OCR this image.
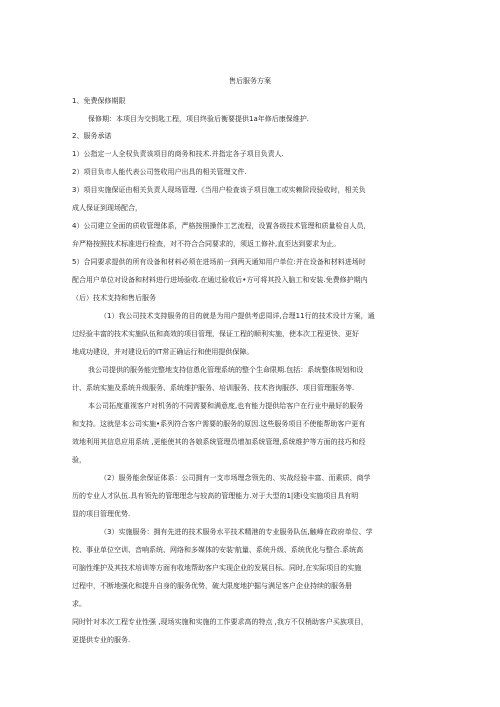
售后服务方案
1、免费保修期限
保修期：本项目为交钥匙工程，项目终验后衡要提供1a年修后康保维护.
2、服务承诺
1）公指定一人全权负责该项目的商务和技术.并指定各子项目负责人.
2）项目负市人能代表公司签收用户出具的相关管理文件.
3）项目实施保证由相关负责人现场管理.《当用户检查该子项目施工或实赖阶段验收时，相关负
成人保证到现场配合，
4）公司建立全面的质收管理体系，严格按照操作工艺流程，设置各级技术管理和质量检自人员，
弁严格按照技术标准进行检查，对不符合合同要求的，须返工修补,直至达到要求为止。
5）合同要求提供的所有设备和材料必须在进场前一到两天通知用户单位:并在设备和材料进场时
配合用户单位对设备和材料进行进场验收.在通过验收后•方可将其投入脑工和安装.免费修护期内
（后）技术支持和售后服务
（1）我公司技术支持服务的目的就是为用户提供考虑周详,合理11行的技术设计方案，通
过经验丰富的技术实施队伍和高效的项目管理，保证工程的顺利实施，使本次工程更快、更好
地成功建设，并对建设后的IT常正确运行和使用提供保障。
我公司提供的服务能完整地支持信恿化管理系统的整个生命限期.包括：系统整体规划和设
计、系统实施及系统升级服务、系统维护服务、培训服务、技术咨询服莎、项目管理服务等.
本公司拓度重视客户对机务的不同需要和满意度,也有能力提供给客户在行业中最好的服务
和支持。这就是本公司实施•系列符合客户需要的服务的原因.这些服务项目不使能帮助客户更有
效地利用其信息应用系统 ,更能使其的各娘系统管理员增加系统管理,系统维护等方面的技巧和经
验，
（2）服务能余保证体系：公司拥有一支市场理念领先的、实战经验丰富、而素质、商学
历的专业人才队伍.具有领先的管理理念与较高的管理能力.对于大型的1|建i殳实施项目具有明
显的项目管理优势.
（3）实施服务：拥有先进的技术服务水平技术精港的专业服务队伍,触峰在政府单位、学
校、事业单位空训、音响系统、网络和多媒体的安装'航量、系统升级、系统优化与整合.系统高
可脑性维护及其技术培训等方面有收地帮助客户实现企业的发展目标。同时,在实际项目的实施
过程中，不断地强化和提升自身的服务优势，破大限度地护掘与满足客户企业持续的服务册
求。
同时针对本次工程专业性强 ,现场实施和实施的工作要求高的特点 ,我方不仅梢助客户买族项目，
更提供专业的服务.
